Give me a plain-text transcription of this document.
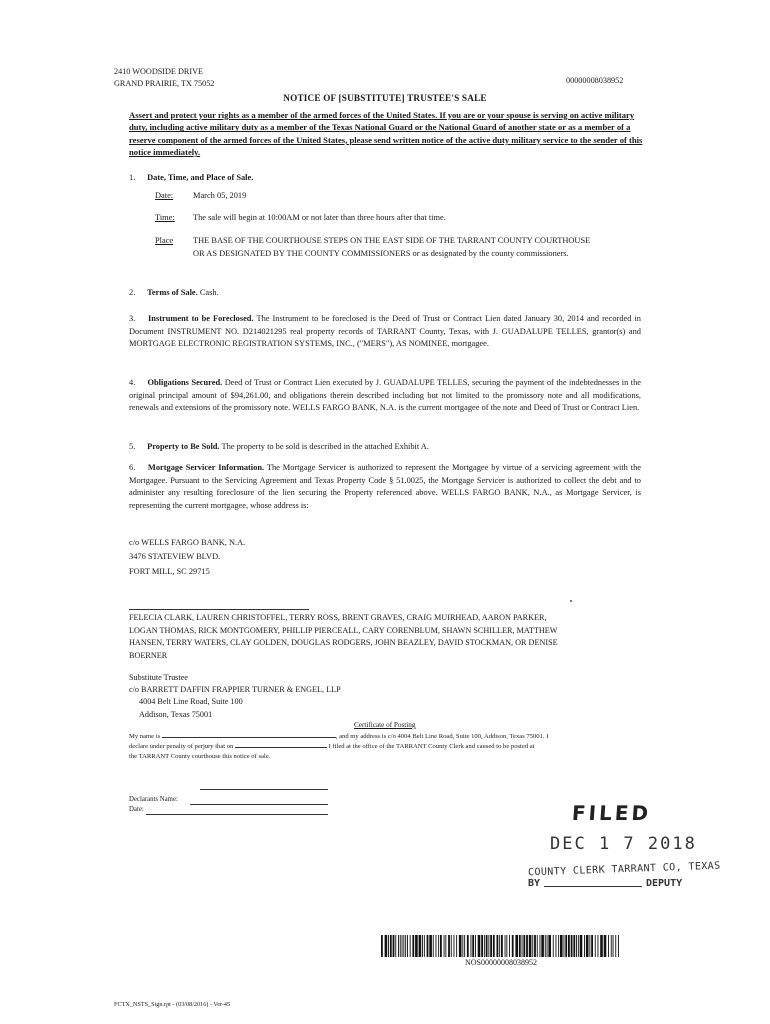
2410 WOODSIDE DRIVE
GRAND PRAIRIE, TX 75052	00000008038952
NOTICE OF [SUBSTITUTE] TRUSTEE'S SALE
Assert and protect your rights as a member of the armed forces of the United States. If you are or your spouse is serving on active military duty, including active military duty as a member of the Texas National Guard or the National Guard of another state or as a member of a reserve component of the armed forces of the United States, please send written notice of the active duty military service to the sender of this notice immediately.
1. Date, Time, and Place of Sale.
Date: March 05, 2019
Time: The sale will begin at 10:00AM or not later than three hours after that time.
Place THE BASE OF THE COURTHOUSE STEPS ON THE EAST SIDE OF THE TARRANT COUNTY COURTHOUSE OR AS DESIGNATED BY THE COUNTY COMMISSIONERS or as designated by the county commissioners.
2. Terms of Sale. Cash.
3. Instrument to be Foreclosed. The Instrument to be foreclosed is the Deed of Trust or Contract Lien dated January 30, 2014 and recorded in Document INSTRUMENT NO. D214021295 real property records of TARRANT County, Texas, with J. GUADALUPE TELLES, grantor(s) and MORTGAGE ELECTRONIC REGISTRATION SYSTEMS, INC., ("MERS"), AS NOMINEE, mortgagee.
4. Obligations Secured. Deed of Trust or Contract Lien executed by J. GUADALUPE TELLES, securing the payment of the indebtednesses in the original principal amount of $94,261.00, and obligations therein described including but not limited to the promissory note and all modifications, renewals and extensions of the promissory note. WELLS FARGO BANK, N.A. is the current mortgagee of the note and Deed of Trust or Contract Lien.
5. Property to Be Sold. The property to be sold is described in the attached Exhibit A.
6. Mortgage Servicer Information. The Mortgage Servicer is authorized to represent the Mortgagee by virtue of a servicing agreement with the Mortgagee. Pursuant to the Servicing Agreement and Texas Property Code § 51.0025, the Mortgage Servicer is authorized to collect the debt and to administer any resulting foreclosure of the lien securing the Property referenced above. WELLS FARGO BANK, N.A., as Mortgage Servicer, is representing the current mortgagee, whose address is:
c/o WELLS FARGO BANK, N.A.
3476 STATEVIEW BLVD.
FORT MILL, SC 29715
FELECIA CLARK, LAUREN CHRISTOFFEL, TERRY ROSS, BRENT GRAVES, CRAIG MUIRHEAD, AARON PARKER, LOGAN THOMAS, RICK MONTGOMERY, PHILLIP PIERCEALL, CARY CORENBLUM, SHAWN SCHILLER, MATTHEW HANSEN, TERRY WATERS, CLAY GOLDEN, DOUGLAS RODGERS, JOHN BEAZLEY, DAVID STOCKMAN, OR DENISE BOERNER
Substitute Trustee
c/o BARRETT DAFFIN FRAPPIER TURNER & ENGEL, LLP
4004 Belt Line Road, Suite 100
Addison, Texas 75001
Certificate of Posting
My name is	, and my address is c/o 4004 Belt Line Road, Suite 100, Addison, Texas 75001. I
declare under penalty of perjury that on	I filed at the office of the TARRANT County Clerk and caused to be posted at
the TARRANT County courthouse this notice of sale.
Declarants Name:
Date:	FILED
DEC 1 7 2018
COUNTY CLERK TARRANT CO, TEXAS
BY	DEPUTY
NOS00000008038952
FCTX_NSTS_Sign.rpt - (03/08/2016) - Ver-45
